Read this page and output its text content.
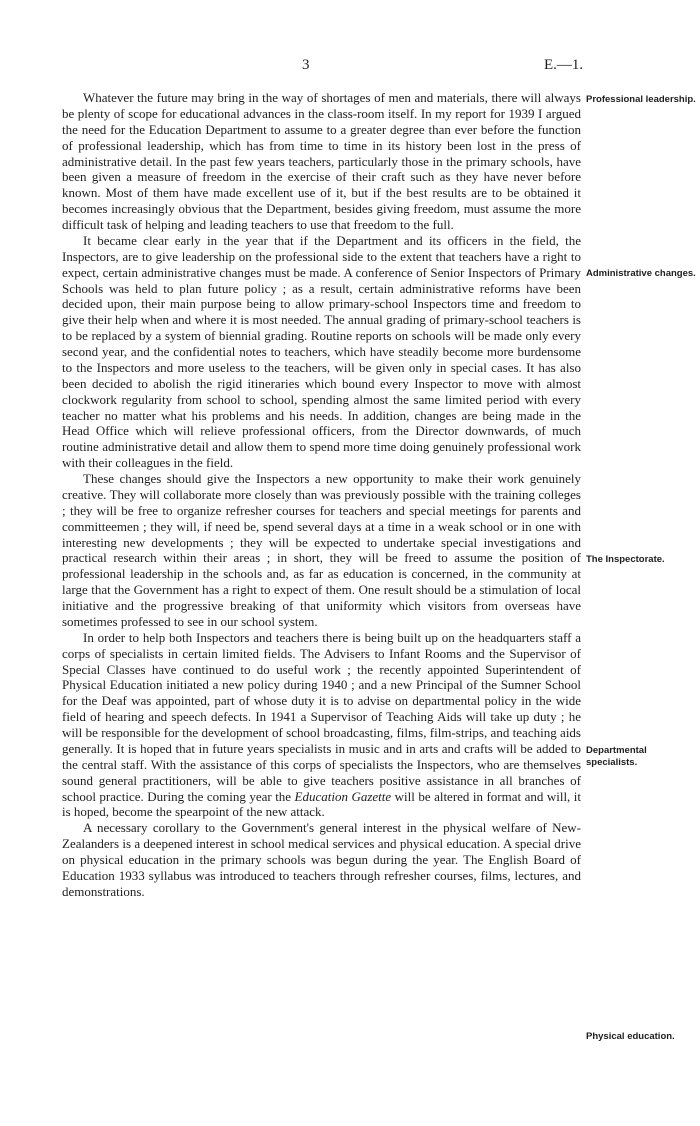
3	E.—1.

Whatever the future may bring in the way of shortages of men and materials, there will always be plenty of scope for educational advances in the class-room itself. In my report for 1939 I argued the need for the Education Department to assume to a greater degree than ever before the function of professional leadership, which has from time to time in its history been lost in the press of administrative detail. In the past few years teachers, particularly those in the primary schools, have been given a measure of freedom in the exercise of their craft such as they have never before known. Most of them have made excellent use of it, but if the best results are to be obtained it becomes increasingly obvious that the Department, besides giving freedom, must assume the more difficult task of helping and leading teachers to use that freedom to the full.

It became clear early in the year that if the Department and its officers in the field, the Inspectors, are to give leadership on the professional side to the extent that teachers have a right to expect, certain administrative changes must be made. A conference of Senior Inspectors of Primary Schools was held to plan future policy ; as a result, certain administrative reforms have been decided upon, their main purpose being to allow primary-school Inspectors time and freedom to give their help when and where it is most needed. The annual grading of primary-school teachers is to be replaced by a system of biennial grading. Routine reports on schools will be made only every second year, and the confidential notes to teachers, which have steadily become more burdensome to the Inspectors and more useless to the teachers, will be given only in special cases. It has also been decided to abolish the rigid itineraries which bound every Inspector to move with almost clockwork regularity from school to school, spending almost the same limited period with every teacher no matter what his problems and his needs. In addition, changes are being made in the Head Office which will relieve professional officers, from the Director downwards, of much routine administrative detail and allow them to spend more time doing genuinely professional work with their colleagues in the field.

These changes should give the Inspectors a new opportunity to make their work genuinely creative. They will collaborate more closely than was previously possible with the training colleges ; they will be free to organize refresher courses for teachers and special meetings for parents and committeemen ; they will, if need be, spend several days at a time in a weak school or in one with interesting new developments ; they will be expected to undertake special investigations and practical research within their areas ; in short, they will be freed to assume the position of professional leadership in the schools and, as far as education is concerned, in the community at large that the Government has a right to expect of them. One result should be a stimulation of local initiative and the progressive breaking of that uniformity which visitors from overseas have sometimes professed to see in our school system.

In order to help both Inspectors and teachers there is being built up on the headquarters staff a corps of specialists in certain limited fields. The Advisers to Infant Rooms and the Supervisor of Special Classes have continued to do useful work ; the recently appointed Superintendent of Physical Education initiated a new policy during 1940 ; and a new Principal of the Sumner School for the Deaf was appointed, part of whose duty it is to advise on departmental policy in the wide field of hearing and speech defects. In 1941 a Supervisor of Teaching Aids will take up duty ; he will be responsible for the development of school broadcasting, films, film-strips, and teaching aids generally. It is hoped that in future years specialists in music and in arts and crafts will be added to the central staff. With the assistance of this corps of specialists the Inspectors, who are themselves sound general practitioners, will be able to give teachers positive assistance in all branches of school practice. During the coming year the Education Gazette will be altered in format and will, it is hoped, become the spearpoint of the new attack.

A necessary corollary to the Government's general interest in the physical welfare of New-Zealanders is a deepened interest in school medical services and physical education. A special drive on physical education in the primary schools was begun during the year. The English Board of Education 1933 syllabus was introduced to teachers through refresher courses, films, lectures, and demonstrations.

Professional leadership.
Administrative changes.
The Inspectorate.
Departmental specialists.
Physical education.
